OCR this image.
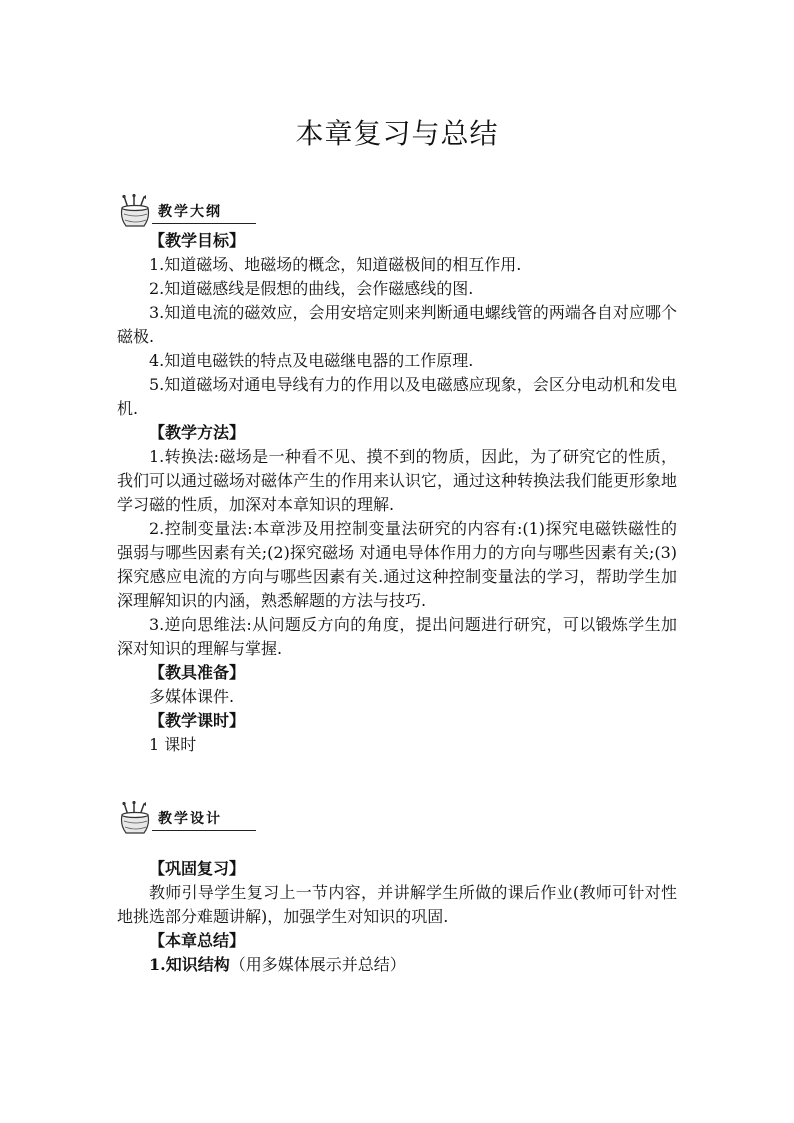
本章复习与总结
教学大纲

【教学目标】

1.知道磁场、地磁场的概念，知道磁极间的相互作用.

2.知道磁感线是假想的曲线，会作磁感线的图.

3.知道电流的磁效应，会用安培定则来判断通电螺线管的两端各自对应哪个磁极.

4.知道电磁铁的特点及电磁继电器的工作原理.

5.知道磁场对通电导线有力的作用以及电磁感应现象，会区分电动机和发电机.

【教学方法】

1.转换法:磁场是一种看不见、摸不到的物质，因此，为了研究它的性质，我们可以通过磁场对磁体产生的作用来认识它，通过这种转换法我们能更形象地学习磁的性质，加深对本章知识的理解.

2.控制变量法:本章涉及用控制变量法研究的内容有:(1)探究电磁铁磁性的强弱与哪些因素有关;(2)探究磁场 对通电导体作用力的方向与哪些因素有关;(3)探究感应电流的方向与哪些因素有关.通过这种控制变量法的学习，帮助学生加深理解知识的内涵，熟悉解题的方法与技巧.

3.逆向思维法:从问题反方向的角度，提出问题进行研究，可以锻炼学生加深对知识的理解与掌握.

【教具准备】

多媒体课件.

【教学课时】

1 课时

教学设计

【巩固复习】

教师引导学生复习上一节内容，并讲解学生所做的课后作业(教师可针对性地挑选部分难题讲解)，加强学生对知识的巩固.

【本章总结】

1.知识结构（用多媒体展示并总结）
